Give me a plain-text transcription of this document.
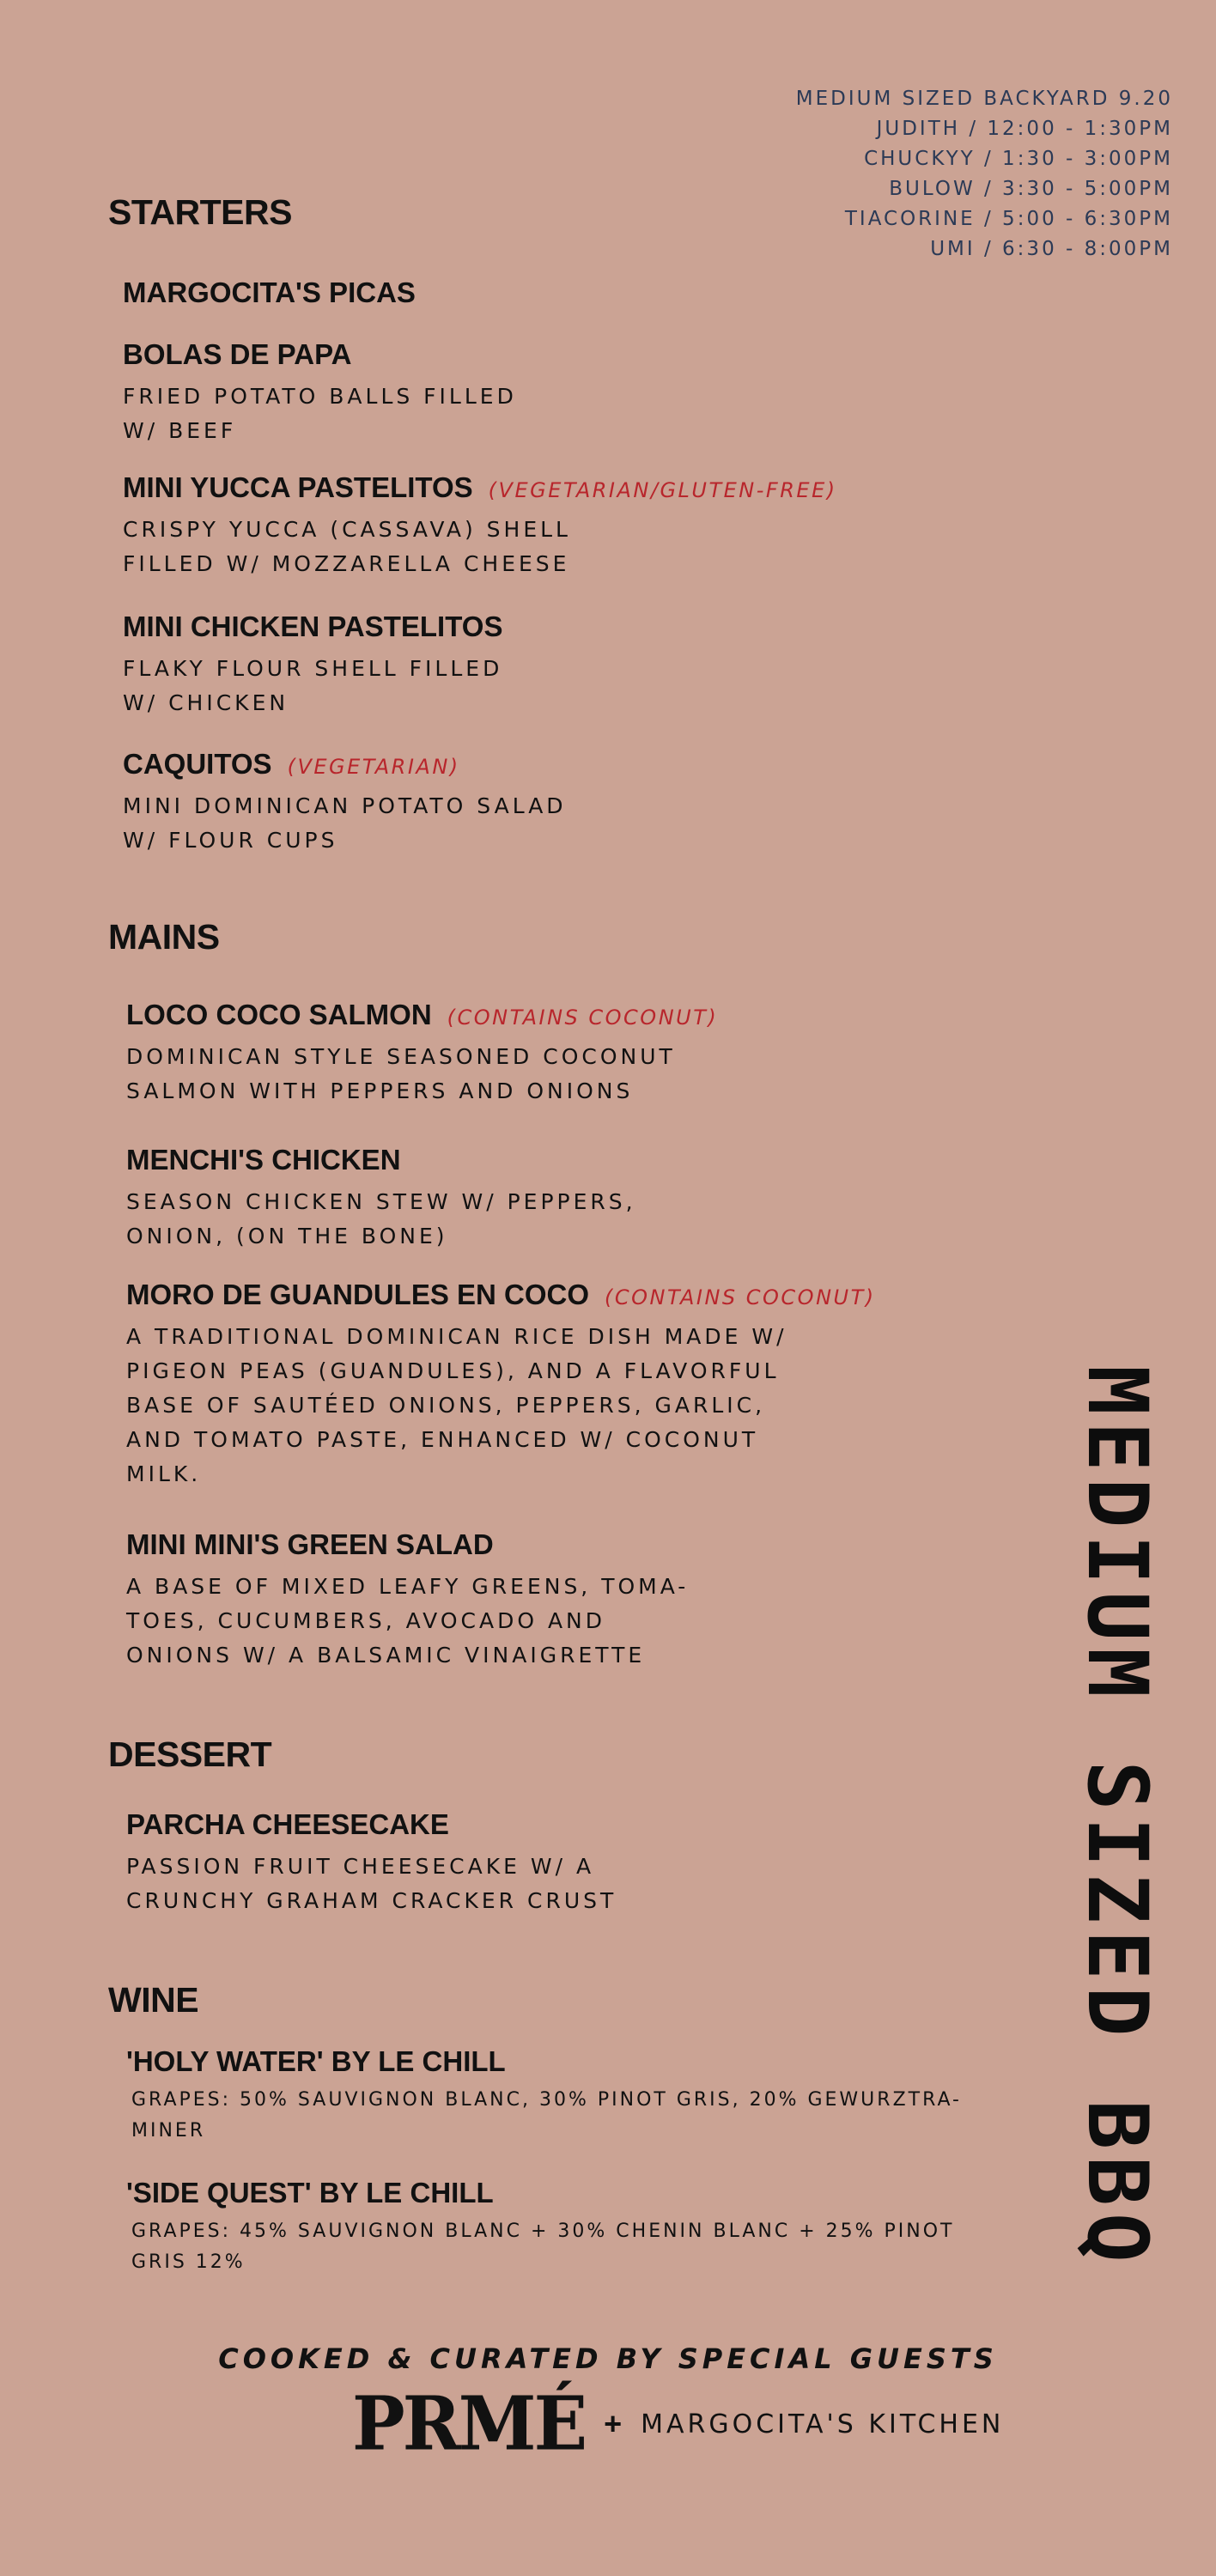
MEDIUM SIZED BACKYARD 9.20
JUDITH / 12:00 - 1:30PM
CHUCKYY / 1:30 - 3:00PM
BULOW / 3:30 - 5:00PM
TIACORINE / 5:00 - 6:30PM
UMI / 6:30 - 8:00PM
STARTERS
MARGOCITA'S PICAS
BOLAS DE PAPA
FRIED POTATO BALLS FILLED
W/ BEEF
MINI YUCCA PASTELITOS (VEGETARIAN/GLUTEN-FREE)
CRISPY YUCCA (CASSAVA) SHELL
FILLED W/ MOZZARELLA CHEESE
MINI CHICKEN PASTELITOS
FLAKY FLOUR SHELL FILLED
W/ CHICKEN
CAQUITOS (VEGETARIAN)
MINI DOMINICAN POTATO SALAD
W/ FLOUR CUPS
MAINS
LOCO COCO SALMON (CONTAINS COCONUT)
DOMINICAN STYLE SEASONED COCONUT
SALMON WITH PEPPERS AND ONIONS
MENCHI'S CHICKEN
SEASON CHICKEN STEW W/ PEPPERS,
ONION, (ON THE BONE)
MORO DE GUANDULES EN COCO (CONTAINS COCONUT)
A TRADITIONAL DOMINICAN RICE DISH MADE W/
PIGEON PEAS (GUANDULES), AND A FLAVORFUL
BASE OF SAUTÉED ONIONS, PEPPERS, GARLIC,
AND TOMATO PASTE, ENHANCED W/ COCONUT
MILK.
MINI MINI'S GREEN SALAD
A BASE OF MIXED LEAFY GREENS, TOMA-
TOES, CUCUMBERS, AVOCADO AND
ONIONS W/ A BALSAMIC VINAIGRETTE
DESSERT
PARCHA CHEESECAKE
PASSION FRUIT CHEESECAKE W/ A
CRUNCHY GRAHAM CRACKER CRUST
WINE
'HOLY WATER' BY LE CHILL
GRAPES: 50% SAUVIGNON BLANC, 30% PINOT GRIS, 20% GEWURZTRA-
MINER
'SIDE QUEST' BY LE CHILL
GRAPES: 45% SAUVIGNON BLANC + 30% CHENIN BLANC + 25% PINOT
GRIS 12%	MEDIUM SIZED BBQ
COOKED & CURATED BY SPECIAL GUESTS
PRMÉ + MARGOCITA'S KITCHEN
